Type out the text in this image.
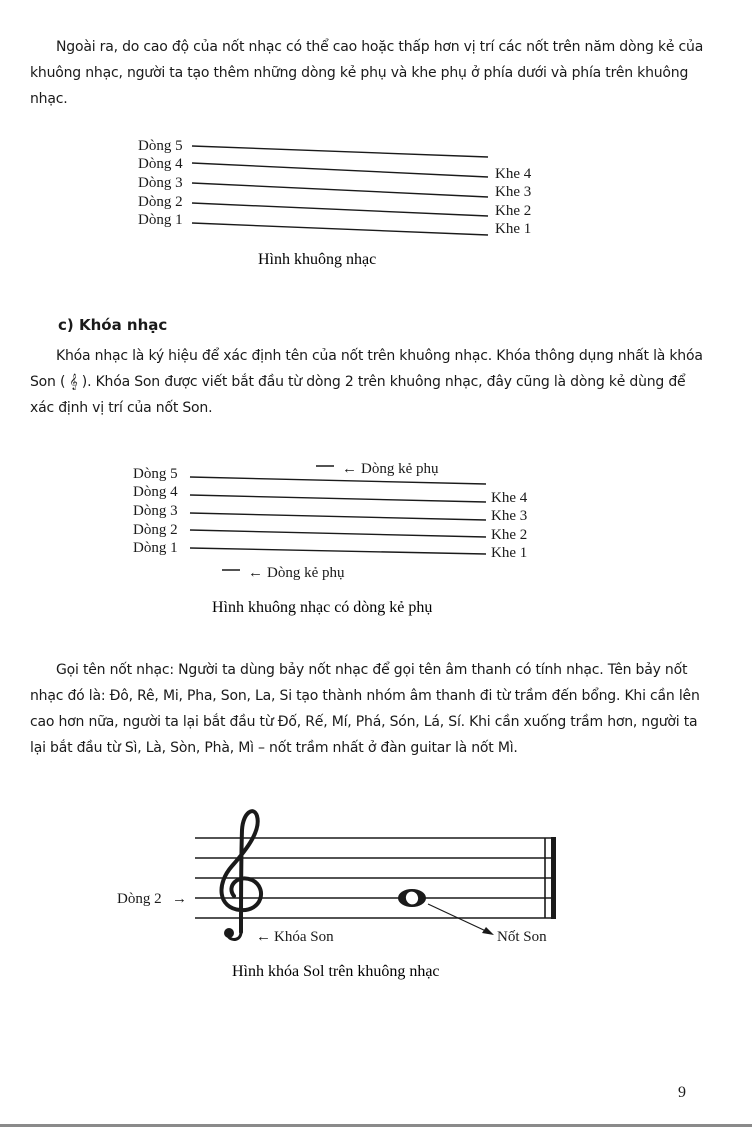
Ngoài ra, do cao độ của nốt nhạc có thể cao hoặc thấp hơn vị trí các nốt trên năm dòng kẻ của khuông nhạc, người ta tạo thêm những dòng kẻ phụ và khe phụ ở phía dưới và phía trên khuông nhạc.

Dòng 5
Dòng 4
Dòng 3
Dòng 2
Dòng 1
Khe 4
Khe 3
Khe 2
Khe 1
Hình khuông nhạc
c) Khóa nhạc

Khóa nhạc là ký hiệu để xác định tên của nốt trên khuông nhạc. Khóa thông dụng nhất là khóa Son ( 𝄞 ). Khóa Son được viết bắt đầu từ dòng 2 trên khuông nhạc, đây cũng là dòng kẻ dùng để xác định vị trí của nốt Son.

← Dòng kẻ phụ
Dòng 5
Dòng 4
Dòng 3
Dòng 2
Dòng 1
Khe 4
Khe 3
Khe 2
Khe 1
← Dòng kẻ phụ
Hình khuông nhạc có dòng kẻ phụ

Gọi tên nốt nhạc: Người ta dùng bảy nốt nhạc để gọi tên âm thanh có tính nhạc. Tên bảy nốt nhạc đó là: Đô, Rê, Mi, Pha, Son, La, Si tạo thành nhóm âm thanh đi từ trầm đến bổng. Khi cần lên cao hơn nữa, người ta lại bắt đầu từ Đố, Rế, Mí, Phá, Són, Lá, Sí. Khi cần xuống trầm hơn, người ta lại bắt đầu từ Sì, Là, Sòn, Phà, Mì – nốt trầm nhất ở đàn guitar là nốt Mì.

Dòng 2 →
← Khóa Son	Nốt Son
Hình khóa Sol trên khuông nhạc
9
